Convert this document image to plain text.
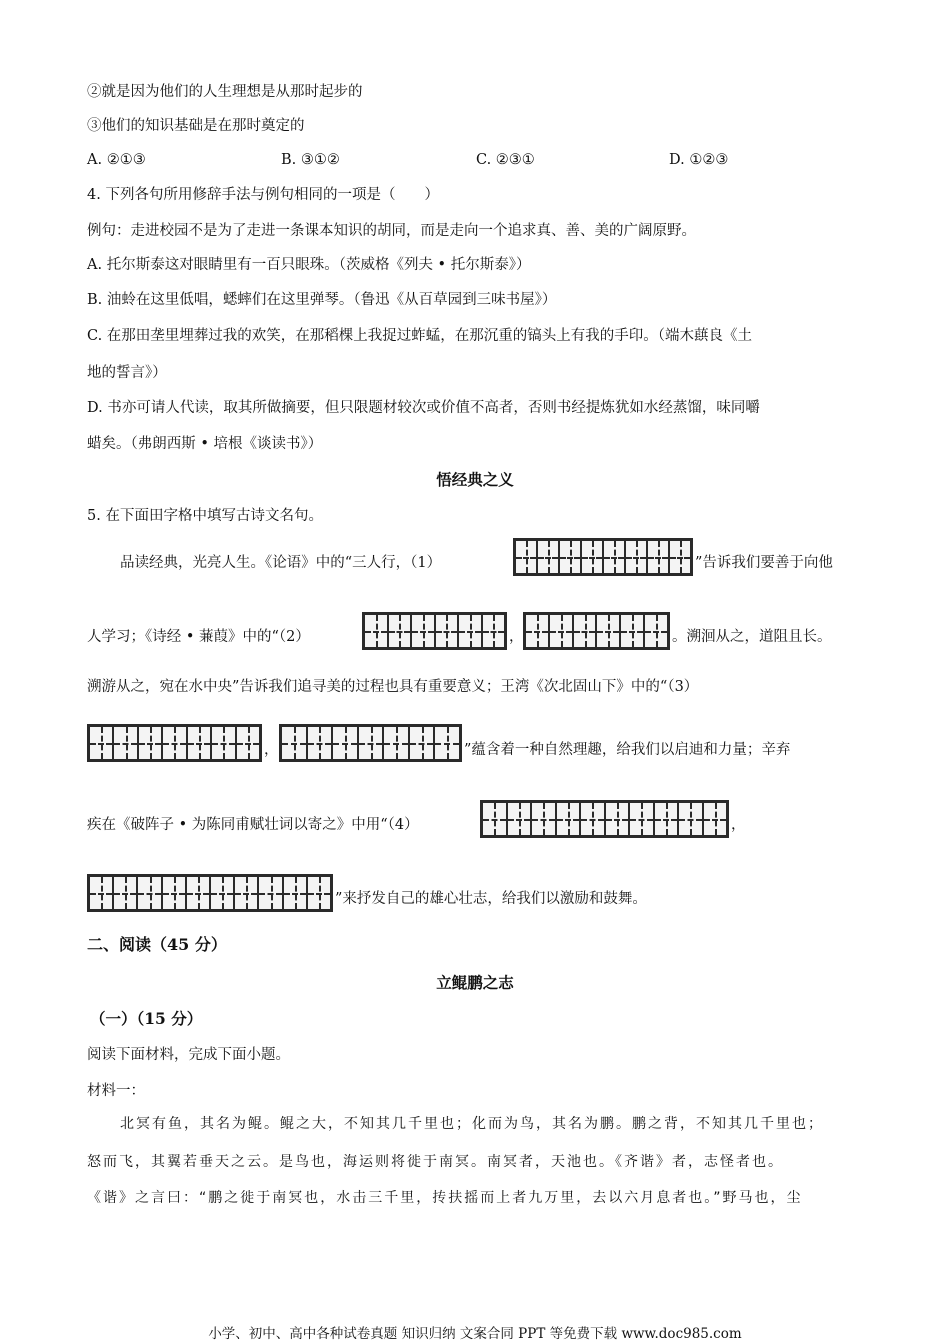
②就是因为他们的人生理想是从那时起步的
③他们的知识基础是在那时奠定的
A. ②①③	B. ③①②	C. ②③①	D. ①②③
4. 下列各句所用修辞手法与例句相同的一项是（　　）
例句：走进校园不是为了走进一条课本知识的胡同，而是走向一个追求真、善、美的广阔原野。
A. 托尔斯泰这对眼睛里有一百只眼珠。（茨威格《列夫 • 托尔斯泰》）
B. 油蛉在这里低唱，蟋蟀们在这里弹琴。（鲁迅《从百草园到三味书屋》）
C. 在那田垄里埋葬过我的欢笑，在那稻棵上我捉过蚱蜢，在那沉重的镐头上有我的手印。（端木蕻良《土
地的誓言》）
D. 书亦可请人代读，取其所做摘要，但只限题材较次或价值不高者，否则书经提炼犹如水经蒸馏，味同嚼
蜡矣。（弗朗西斯 • 培根《谈读书》）
悟经典之义
5. 在下面田字格中填写古诗文名句。
品读经典，光亮人生。《论语》中的“三人行，（1）	”告诉我们要善于向他
人学习；《诗经 • 蒹葭》中的“（2）	，	。溯洄从之，道阻且长。
溯游从之，宛在水中央”告诉我们追寻美的过程也具有重要意义；王湾《次北固山下》中的“（3）
，	”蕴含着一种自然理趣，给我们以启迪和力量；辛弃
疾在《破阵子 • 为陈同甫赋壮词以寄之》中用“（4）	，
”来抒发自己的雄心壮志，给我们以激励和鼓舞。
二、阅读（45 分）
立鲲鹏之志
（一）（15 分）
阅读下面材料，完成下面小题。
材料一：
北冥有鱼，其名为鲲。鲲之大，不知其几千里也；化而为鸟，其名为鹏。鹏之背，不知其几千里也；
怒而飞，其翼若垂天之云。是鸟也，海运则将徙于南冥。南冥者，天池也。《齐谐》者，志怪者也。
《谐》之言曰：“鹏之徙于南冥也，水击三千里，抟扶摇而上者九万里，去以六月息者也。”野马也，尘
小学、初中、高中各种试卷真题 知识归纳 文案合同 PPT 等免费下载 www.doc985.com
